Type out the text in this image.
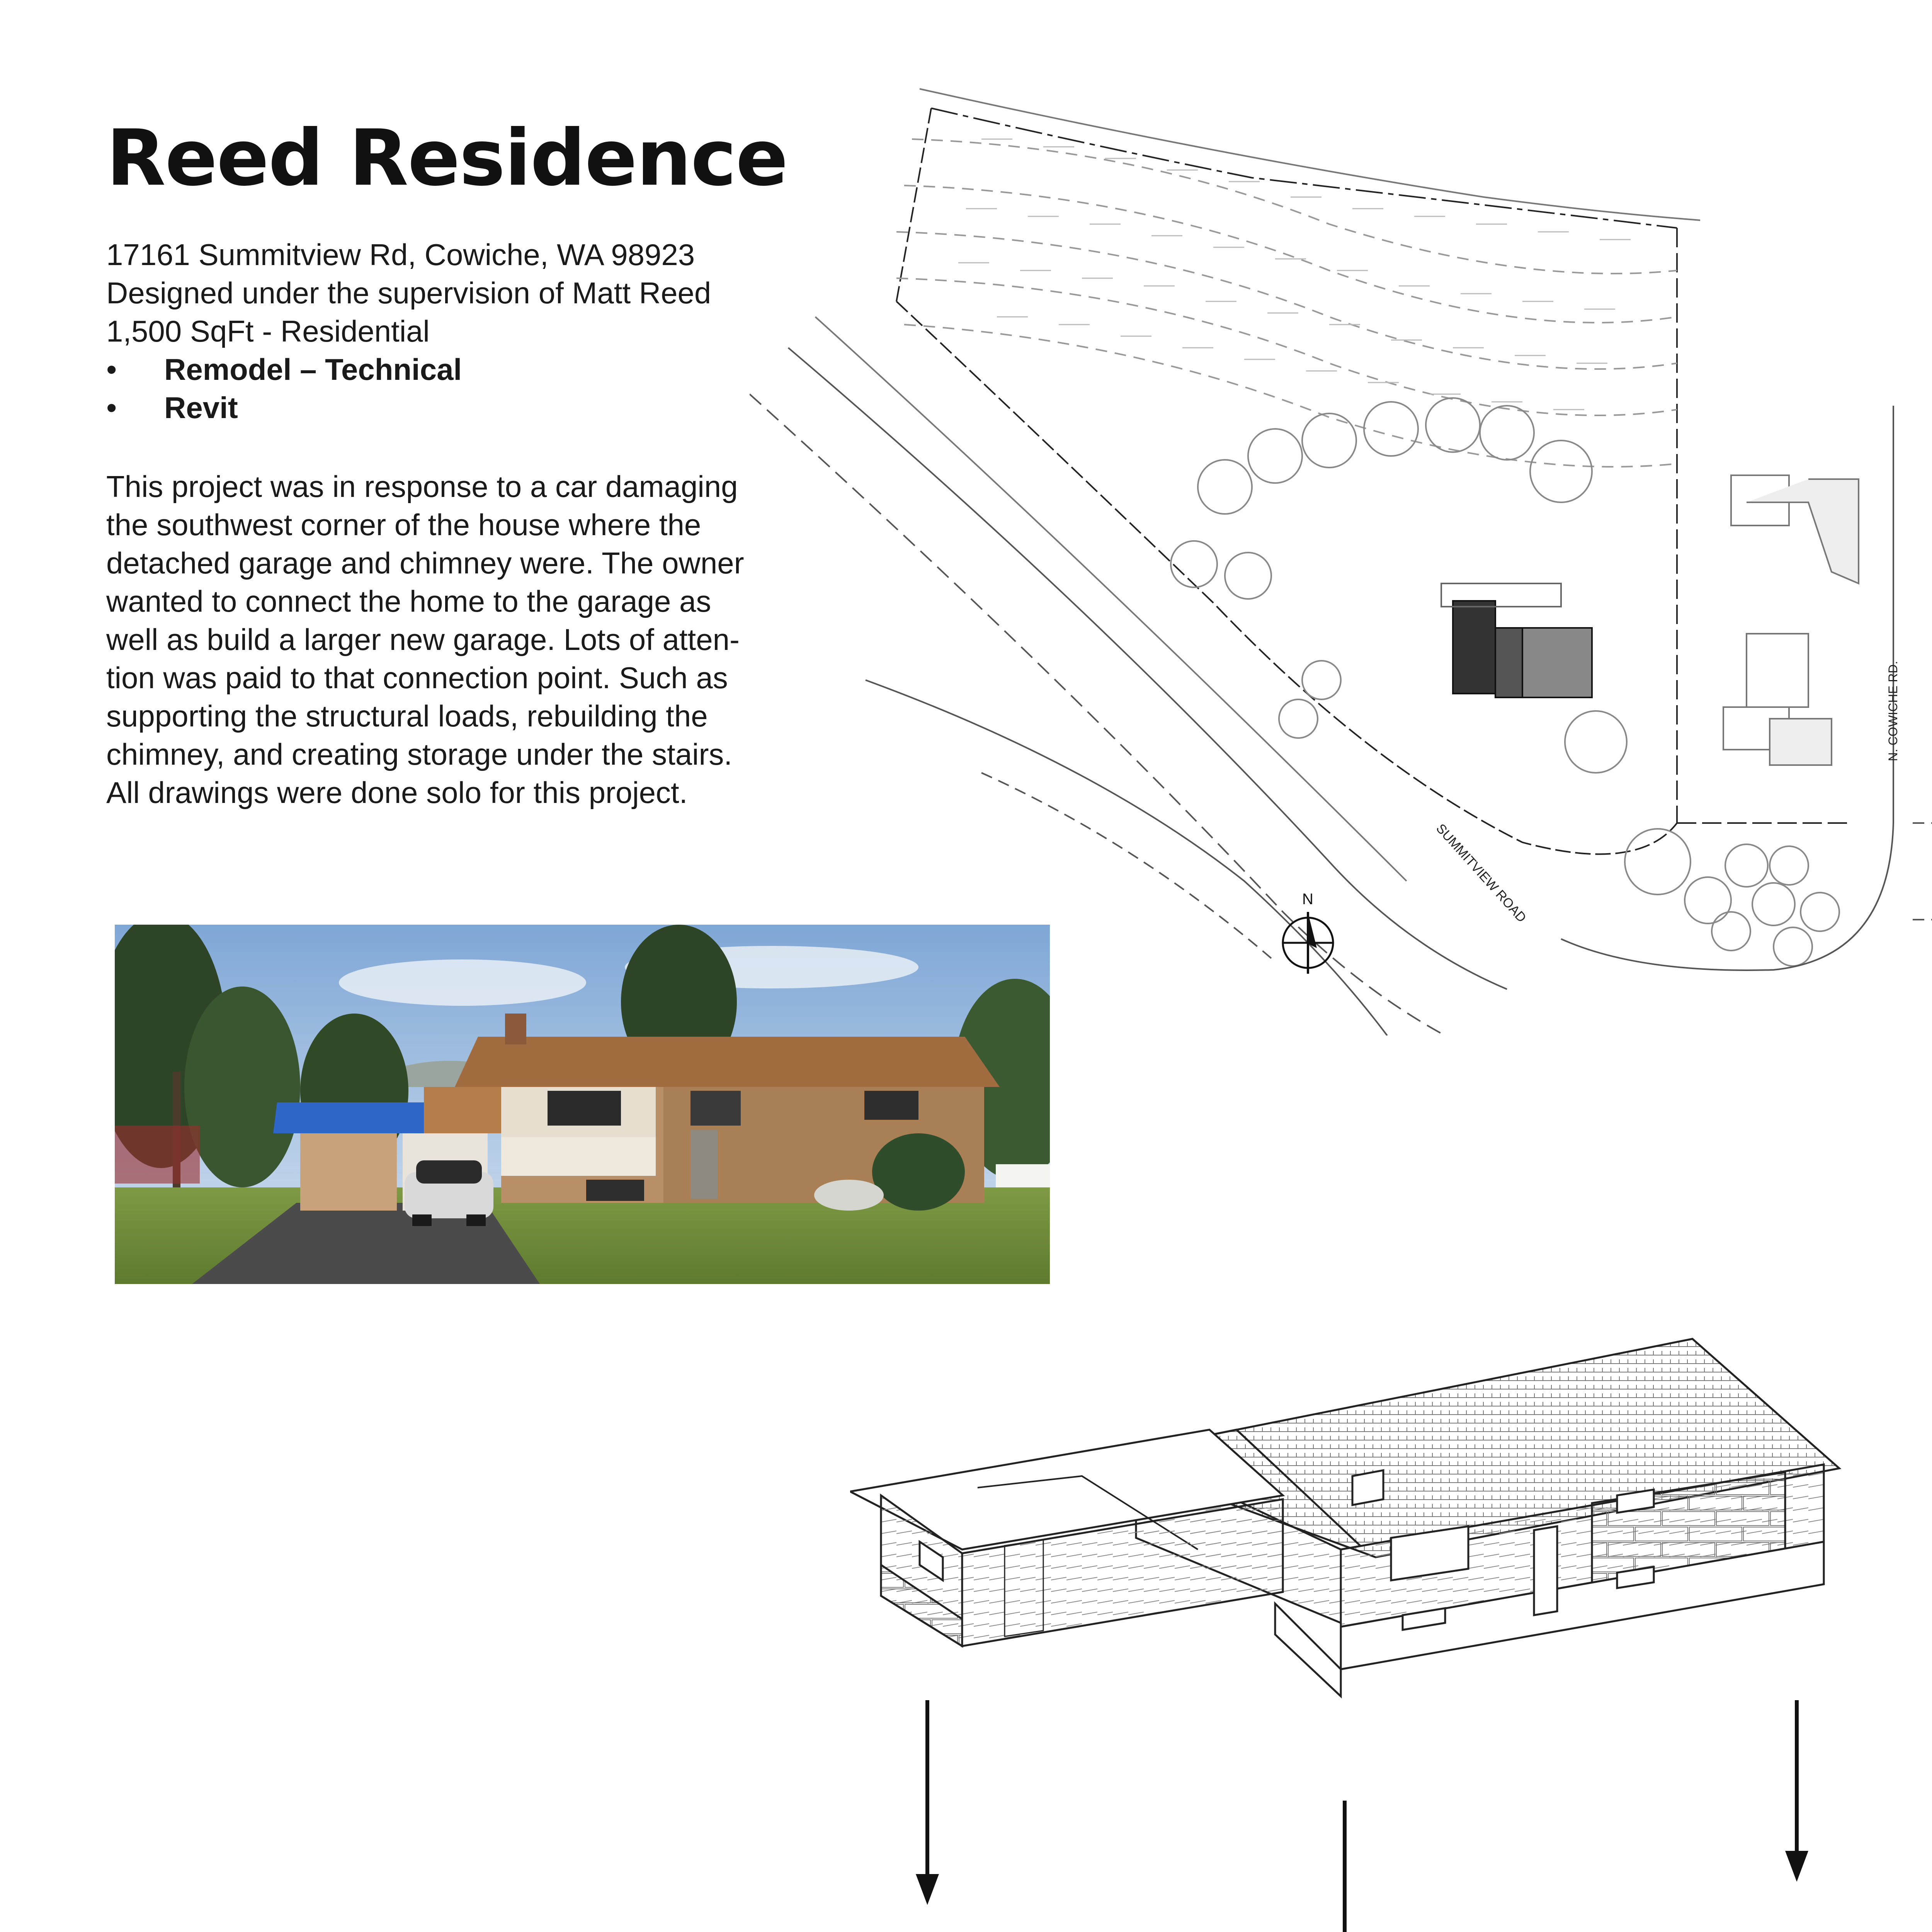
Reed Residence
17161 Summitview Rd, Cowiche, WA 98923
Designed under the supervision of Matt Reed
1,500 SqFt - Residential
• Remodel – Technical
• Revit
This project was in response to a car damaging
the southwest corner of the house where the
detached garage and chimney were. The owner
wanted to connect the home to the garage as
well as build a larger new garage. Lots of atten-
tion was paid to that connection point. Such as
supporting the structural loads, rebuilding the
chimney, and creating storage under the stairs.
All drawings were done solo for this project.
N	SUMMITVIEW ROAD
N. COWICHE RD.
